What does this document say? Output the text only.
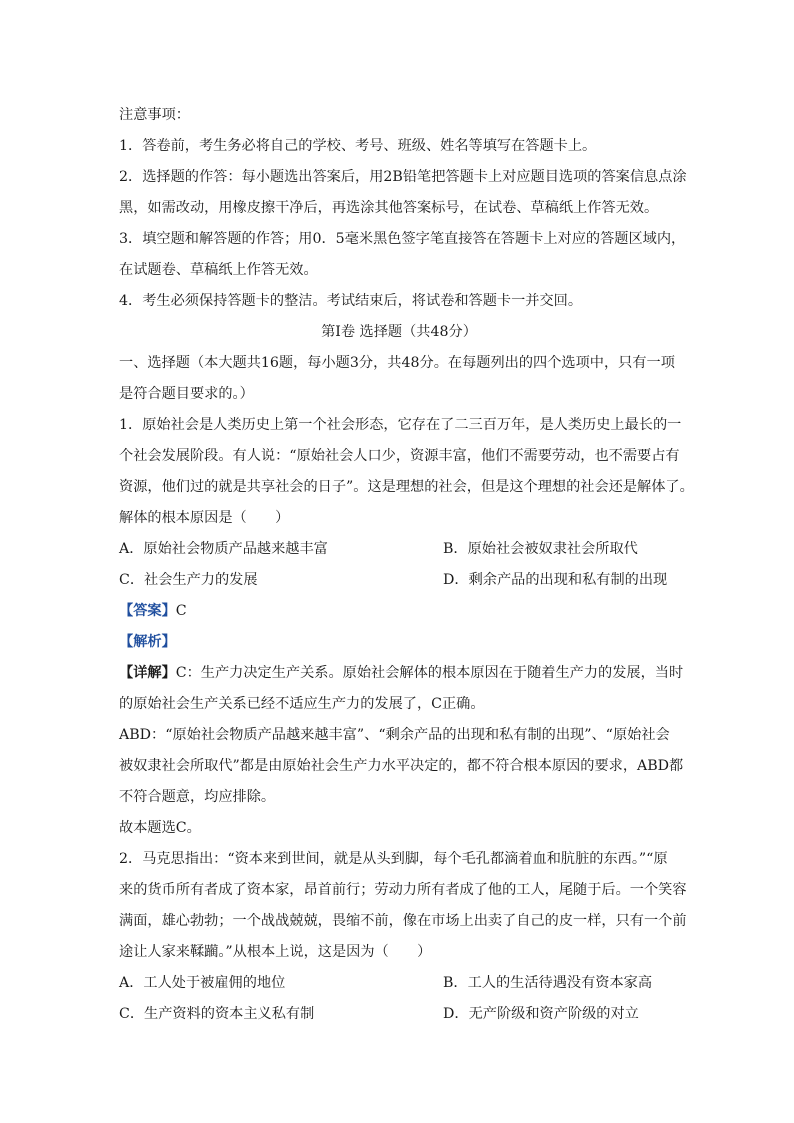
注意事项：
1．答卷前，考生务必将自己的学校、考号、班级、姓名等填写在答题卡上。
2．选择题的作答：每小题选出答案后，用2B铅笔把答题卡上对应题目选项的答案信息点涂
黑，如需改动，用橡皮擦干净后，再选涂其他答案标号，在试卷、草稿纸上作答无效。
3．填空题和解答题的作答；用0．5毫米黑色签字笔直接答在答题卡上对应的答题区域内，
在试题卷、草稿纸上作答无效。
4．考生必须保持答题卡的整洁。考试结束后，将试卷和答题卡一并交回。
第Ⅰ卷 选择题（共48分）
一、选择题（本大题共16题，每小题3分，共48分。在每题列出的四个选项中，只有一项
是符合题目要求的。）
1．原始社会是人类历史上第一个社会形态，它存在了二三百万年，是人类历史上最长的一
个社会发展阶段。有人说：“原始社会人口少，资源丰富，他们不需要劳动，也不需要占有
资源，他们过的就是共享社会的日子”。这是理想的社会，但是这个理想的社会还是解体了。
解体的根本原因是（　　）
A．原始社会物质产品越来越丰富	B．原始社会被奴隶社会所取代
C．社会生产力的发展	D．剩余产品的出现和私有制的出现
【答案】C
【解析】
【详解】C：生产力决定生产关系。原始社会解体的根本原因在于随着生产力的发展，当时
的原始社会生产关系已经不适应生产力的发展了，C正确。
ABD：“原始社会物质产品越来越丰富”、“剩余产品的出现和私有制的出现”、“原始社会
被奴隶社会所取代”都是由原始社会生产力水平决定的，都不符合根本原因的要求，ABD都
不符合题意，均应排除。
故本题选C。
2．马克思指出：“资本来到世间，就是从头到脚，每个毛孔都滴着血和肮脏的东西。”“原
来的货币所有者成了资本家，昂首前行；劳动力所有者成了他的工人，尾随于后。一个笑容
满面，雄心勃勃；一个战战兢兢，畏缩不前，像在市场上出卖了自己的皮一样，只有一个前
途让人家来鞣躏。”从根本上说，这是因为（　　）
A．工人处于被雇佣的地位	B．工人的生活待遇没有资本家高
C．生产资料的资本主义私有制	D．无产阶级和资产阶级的对立
